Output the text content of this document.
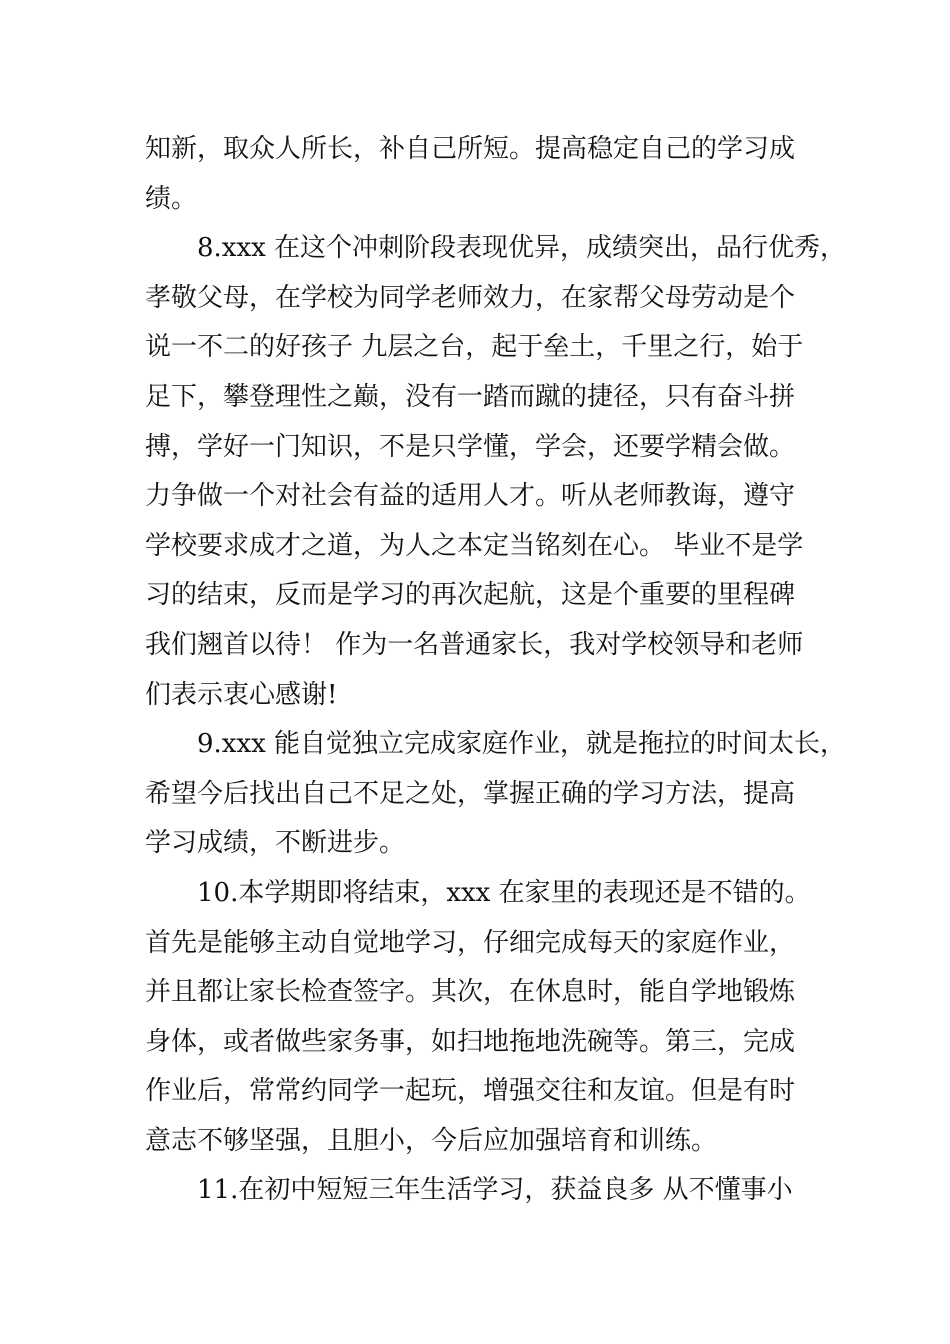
知新，取众人所长，补自己所短。提高稳定自己的学习成
绩。
8.xxx 在这个冲刺阶段表现优异，成绩突出，品行优秀，
孝敬父母，在学校为同学老师效力，在家帮父母劳动是个
说一不二的好孩子 九层之台，起于垒土，千里之行，始于
足下，攀登理性之巅，没有一踏而蹴的捷径，只有奋斗拼
搏，学好一门知识，不是只学懂，学会，还要学精会做。
力争做一个对社会有益的适用人才。听从老师教诲，遵守
学校要求成才之道，为人之本定当铭刻在心。 毕业不是学
习的结束，反而是学习的再次起航，这是个重要的里程碑
我们翘首以待！ 作为一名普通家长，我对学校领导和老师
们表示衷心感谢!
9.xxx 能自觉独立完成家庭作业，就是拖拉的时间太长，
希望今后找出自己不足之处，掌握正确的学习方法，提高
学习成绩，不断进步。
10.本学期即将结束，xxx 在家里的表现还是不错的。
首先是能够主动自觉地学习，仔细完成每天的家庭作业，
并且都让家长检查签字。其次，在休息时，能自学地锻炼
身体，或者做些家务事，如扫地拖地洗碗等。第三，完成
作业后，常常约同学一起玩，增强交往和友谊。但是有时
意志不够坚强，且胆小，今后应加强培育和训练。
11.在初中短短三年生活学习，获益良多 从不懂事小
